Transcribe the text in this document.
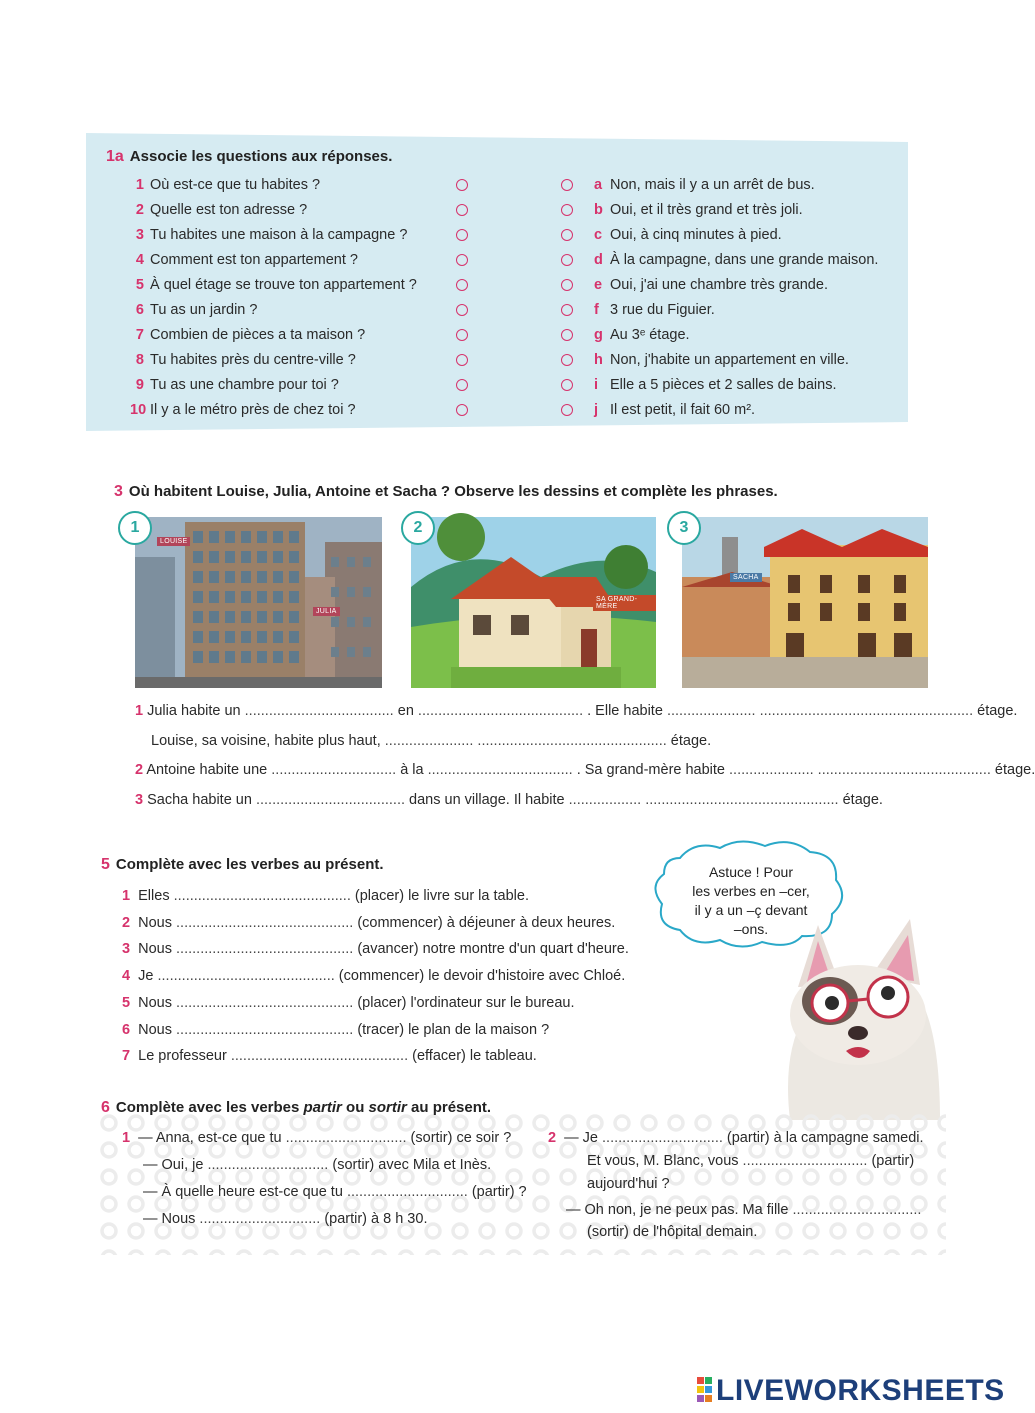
1a Associe les questions aux réponses.
1 Où est-ce que tu habites ?
2 Quelle est ton adresse ?
3 Tu habites une maison à la campagne ?
4 Comment est ton appartement ?
5 À quel étage se trouve ton appartement ?
6 Tu as un jardin ?
7 Combien de pièces a ta maison ?
8 Tu habites près du centre-ville ?
9 Tu as une chambre pour toi ?
10 Il y a le métro près de chez toi ?
a Non, mais il y a un arrêt de bus.
b Oui, et il très grand et très joli.
c Oui, à cinq minutes à pied.
d À la campagne, dans une grande maison.
e Oui, j'ai une chambre très grande.
f 3 rue du Figuier.
g Au 3ᵉ étage.
h Non, j'habite un appartement en ville.
i Elle a 5 pièces et 2 salles de bains.
j Il est petit, il fait 60 m².
3 Où habitent Louise, Julia, Antoine et Sacha ? Observe les dessins et complète les phrases.
LOUISE
JULIA
SA GRAND-MÈRE
SACHA
1	2	3
1 Julia habite un ..................................... en ......................................... . Elle habite ...................... ..................................................... étage.
Louise, sa voisine, habite plus haut, ...................... ............................................... étage.
2 Antoine habite une ............................... à la .................................... . Sa grand-mère habite ..................... ........................................... étage.
3 Sacha habite un ..................................... dans un village. Il habite .................. ................................................ étage.
5 Complète avec les verbes au présent.
1 Elles ............................................ (placer) le livre sur la table.
2 Nous ............................................ (commencer) à déjeuner à deux heures.
3 Nous ............................................ (avancer) notre montre d'un quart d'heure.
4 Je ............................................ (commencer) le devoir d'histoire avec Chloé.
5 Nous ............................................ (placer) l'ordinateur sur le bureau.
6 Nous ............................................ (tracer) le plan de la maison ?
7 Le professeur ............................................ (effacer) le tableau.
Astuce ! Pour
les verbes en –cer,
il y a un –ç devant
–ons.
6 Complète avec les verbes partir ou sortir au présent.
1 — Anna, est-ce que tu .............................. (sortir) ce soir ?
— Oui, je .............................. (sortir) avec Mila et Inès.
— À quelle heure est-ce que tu .............................. (partir) ?
— Nous .............................. (partir) à 8 h 30.
2 — Je .............................. (partir) à la campagne samedi.
Et vous, M. Blanc, vous ............................... (partir)
aujourd'hui ?
— Oh non, je ne peux pas. Ma fille ................................
(sortir) de l'hôpital demain.
LIVEWORKSHEETS
